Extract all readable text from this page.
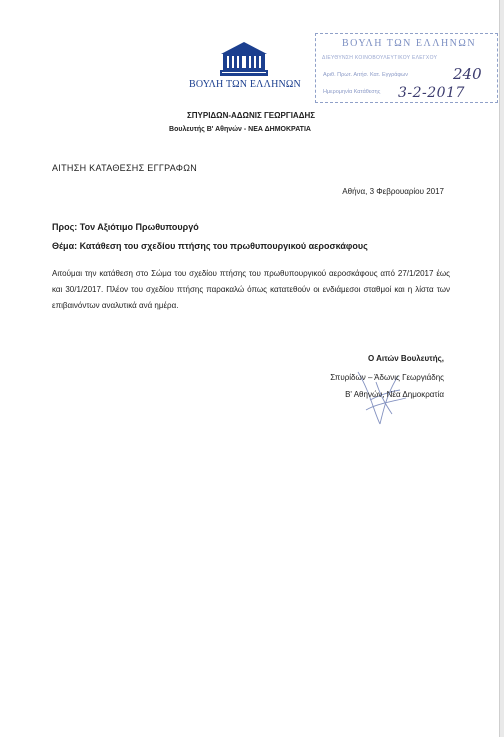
ΒΟΥΛΗ ΤΩΝ ΕΛΛΗΝΩΝ
ΒΟΥΛΗ ΤΩΝ ΕΛΛΗΝΩΝ
ΔΙΕΥΘΥΝΣΗ ΚΟΙΝΟΒΟΥΛΕΥΤΙΚΟΥ ΕΛΕΓΧΟΥ
Αριθ. Πρωτ. Αιτήσ. Κατ. Εγγράφων
Ημερομηνία Κατάθεσης
240
3-2-2017
ΣΠΥΡΙΔΩΝ-ΑΔΩΝΙΣ ΓΕΩΡΓΙΑΔΗΣ
Βουλευτής Β' Αθηνών - ΝΕΑ ΔΗΜΟΚΡΑΤΙΑ
ΑΙΤΗΣΗ ΚΑΤΑΘΕΣΗΣ ΕΓΓΡΑΦΩΝ
Αθήνα, 3 Φεβρουαρίου 2017
Προς: Τον Αξιότιμο Πρωθυπουργό
Θέμα: Κατάθεση του σχεδίου πτήσης του πρωθυπουργικού αεροσκάφους
Αιτούμαι την κατάθεση στο Σώμα του σχεδίου πτήσης του πρωθυπουργικού αεροσκάφους από 27/1/2017 έως και 30/1/2017. Πλέον του σχεδίου πτήσης παρακαλώ όπως κατατεθούν οι ενδιάμεσοι σταθμοί και η λίστα των επιβαινόντων αναλυτικά ανά ημέρα.
Ο Αιτών Βουλευτής,
Σπυρίδων – Άδωνις Γεωργιάδης
Β' Αθηνών, Νέα Δημοκρατία
